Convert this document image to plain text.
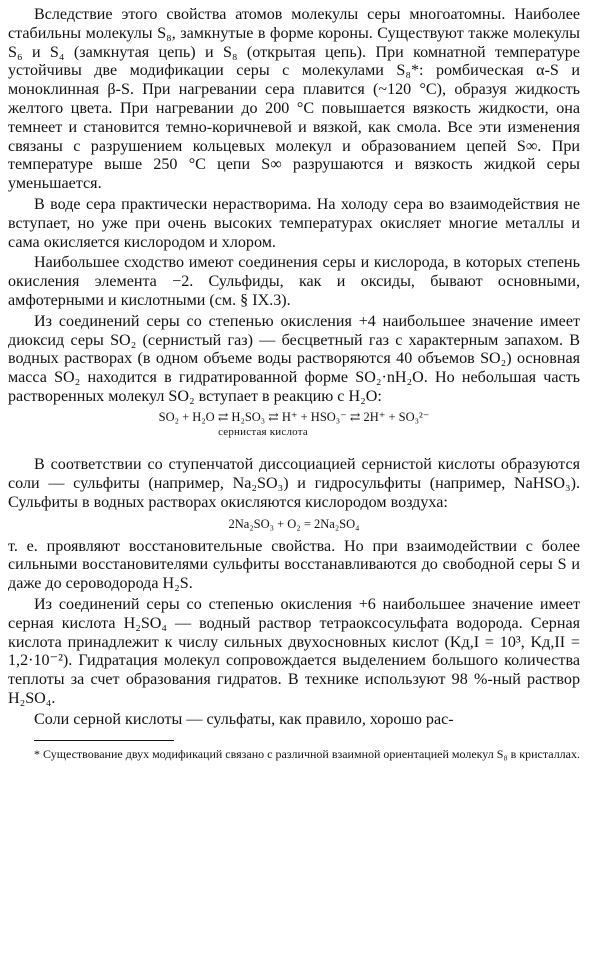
Вследствие этого свойства атомов молекулы серы многоатомны. Наиболее стабильны молекулы S₈, замкнутые в форме короны. Существуют также молекулы S₆ и S₄ (замкнутая цепь) и S₈ (открытая цепь). При комнатной температуре устойчивы две модификации серы с молекулами S₈*: ромбическая α-S и моноклинная β-S. При нагревании сера плавится (~120 °C), образуя жидкость желтого цвета. При нагревании до 200 °C повышается вязкость жидкости, она темнеет и становится темно-коричневой и вязкой, как смола. Все эти изменения связаны с разрушением кольцевых молекул и образованием цепей S∞. При температуре выше 250 °C цепи S∞ разрушаются и вязкость жидкой серы уменьшается.

В воде сера практически нерастворима. На холоду сера во взаимодействия не вступает, но уже при очень высоких температурах окисляет многие металлы и сама окисляется кислородом и хлором.

Наибольшее сходство имеют соединения серы и кислорода, в которых степень окисления элемента −2. Сульфиды, как и оксиды, бывают основными, амфотерными и кислотными (см. § IX.3).

Из соединений серы со степенью окисления +4 наибольшее значение имеет диоксид серы SO₂ (сернистый газ) — бесцветный газ с характерным запахом. В водных растворах (в одном объеме воды растворяются 40 объемов SO₂) основная масса SO₂ находится в гидратированной форме SO₂·nH₂O. Но небольшая часть растворенных молекул SO₂ вступает в реакцию с H₂O:

SO₂ + H₂O ⇄ H₂SO₃ ⇄ H⁺ + HSO₃⁻ ⇄ 2H⁺ + SO₃²⁻
сернистая кислота

В соответствии со ступенчатой диссоциацией сернистой кислоты образуются соли — сульфиты (например, Na₂SO₃) и гидросульфиты (например, NaHSO₃). Сульфиты в водных растворах окисляются кислородом воздуха:

2Na₂SO₃ + O₂ = 2Na₂SO₄

т. е. проявляют восстановительные свойства. Но при взаимодействии с более сильными восстановителями сульфиты восстанавливаются до свободной серы S и даже до сероводорода H₂S.

Из соединений серы со степенью окисления +6 наибольшее значение имеет серная кислота H₂SO₄ — водный раствор тетраоксосульфата водорода. Серная кислота принадлежит к числу сильных двухосновных кислот (Kд,I = 10³, Kд,II = 1,2·10⁻²). Гидратация молекул сопровождается выделением большого количества теплоты за счет образования гидратов. В технике используют 98 %-ный раствор H₂SO₄.

Соли серной кислоты — сульфаты, как правило, хорошо рас-

* Существование двух модификаций связано с различной взаимной ориентацией молекул S₈ в кристаллах.
